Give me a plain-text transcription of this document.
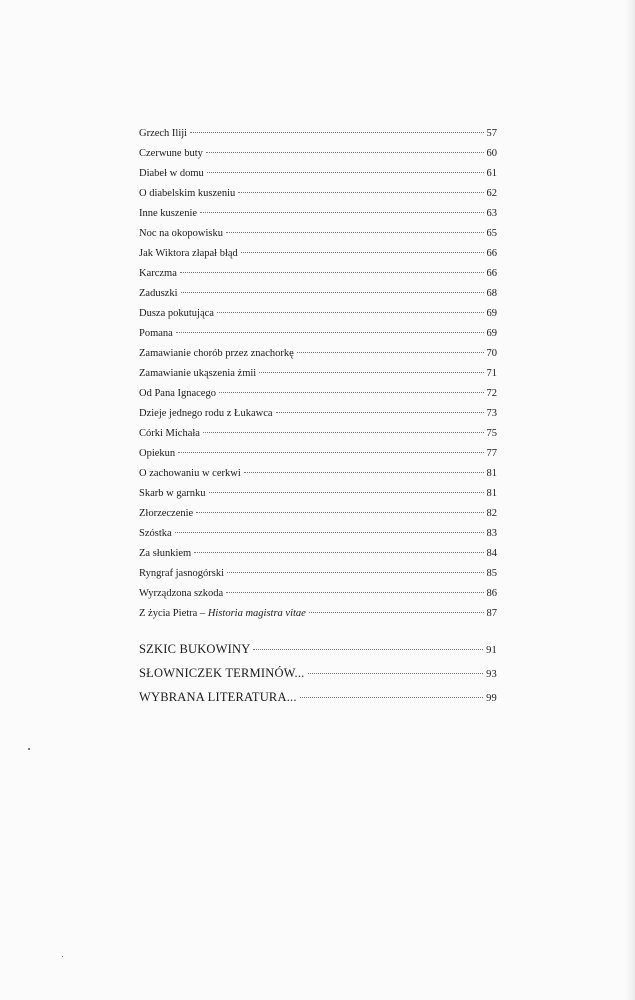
Grzech Iliji	57
Czerwune buty	60
Diabeł w domu	61
O diabelskim kuszeniu	62
Inne kuszenie	63
Noc na okopowisku	65
Jak Wiktora złapał błąd	66
Karczma	66
Zaduszki	68
Dusza pokutująca	69
Pomana	69
Zamawianie chorób przez znachorkę	70
Zamawianie ukąszenia żmii	71
Od Pana Ignacego	72
Dzieje jednego rodu z Łukawca	73
Córki Michała	75
Opiekun	77
O zachowaniu w cerkwi	81
Skarb w garnku	81
Złorzeczenie	82
Szóstka	83
Za słunkiem	84
Ryngraf jasnogórski	85
Wyrządzona szkoda	86
Z życia Pietra – Historia magistra vitae	87
SZKIC BUKOWINY	91
SŁOWNICZEK TERMINÓW...	93
WYBRANA LITERATURA...	99
